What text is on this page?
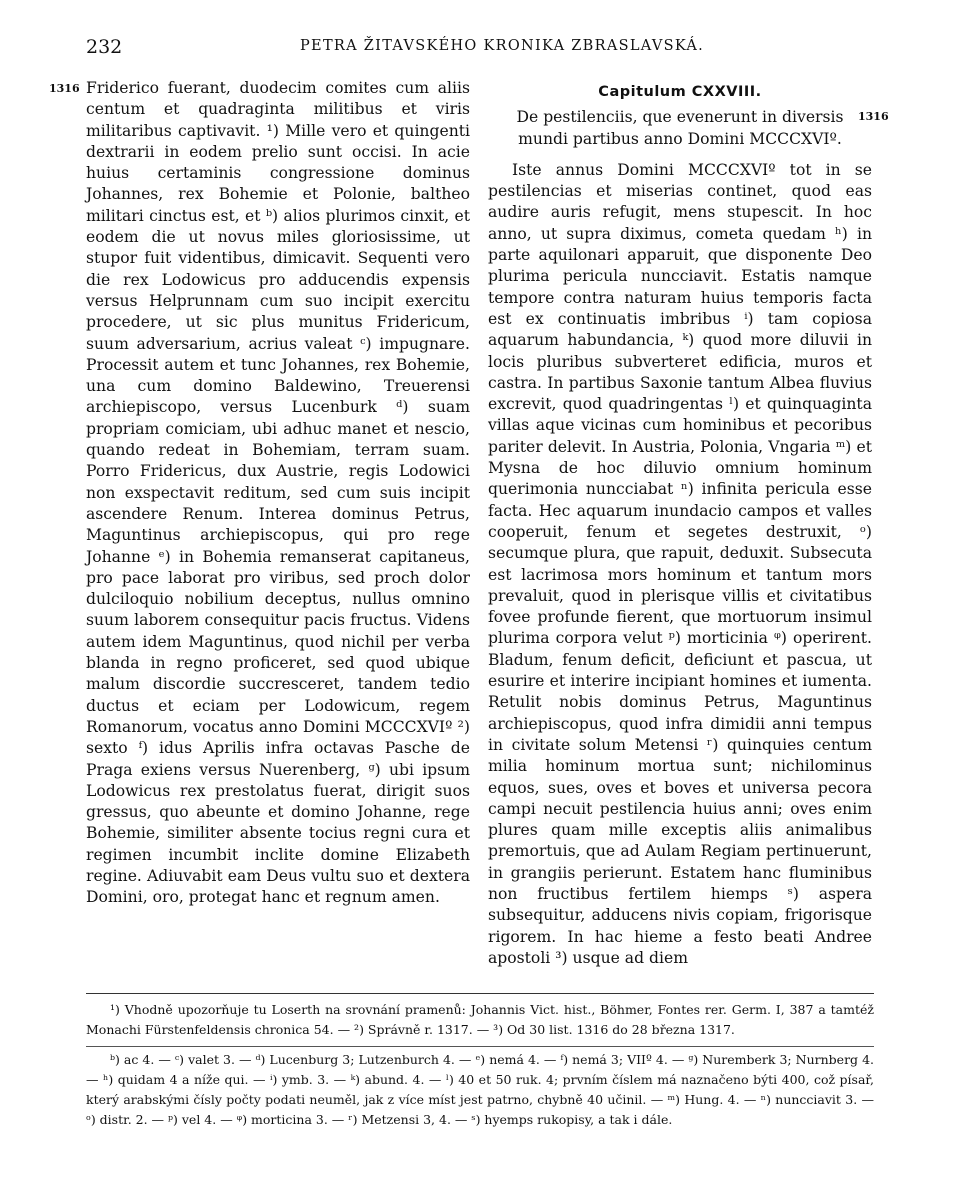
232	PETRA ŽITAVSKÉHO KRONIKA ZBRASLAVSKÁ.
1316
1316

Friderico fuerant, duodecim comites cum aliis centum et quadraginta militibus et viris militaribus captivavit. ¹) Mille vero et quingenti dextrarii in eodem prelio sunt occisi. In acie huius certaminis congressione dominus Johannes, rex Bohemie et Polonie, baltheo militari cinctus est, et ᵇ) alios plurimos cinxit, et eodem die ut novus miles gloriosissime, ut stupor fuit videntibus, dimicavit. Sequenti vero die rex Lodowicus pro adducendis expensis versus Helprunnam cum suo incipit exercitu procedere, ut sic plus munitus Fridericum, suum adversarium, acrius valeat ᶜ) impugnare. Processit autem et tunc Johannes, rex Bohemie, una cum domino Baldewino, Treuerensi archiepiscopo, versus Lucenburk ᵈ) suam propriam comiciam, ubi adhuc manet et nescio, quando redeat in Bohemiam, terram suam. Porro Fridericus, dux Austrie, regis Lodowici non exspectavit reditum, sed cum suis incipit ascendere Renum. Interea dominus Petrus, Maguntinus archiepiscopus, qui pro rege Johanne ᵉ) in Bohemia remanserat capitaneus, pro pace laborat pro viribus, sed proch dolor dulciloquio nobilium deceptus, nullus omnino suum laborem consequitur pacis fructus. Videns autem idem Maguntinus, quod nichil per verba blanda in regno proficeret, sed quod ubique malum discordie succresceret, tandem tedio ductus et eciam per Lodowicum, regem Romanorum, vocatus anno Domini MCCCXVIº ²) sexto ᶠ) idus Aprilis infra octavas Pasche de Praga exiens versus Nuerenberg, ᵍ) ubi ipsum Lodowicus rex prestolatus fuerat, dirigit suos gressus, quo abeunte et domino Johanne, rege Bohemie, similiter absente tocius regni cura et regimen incumbit inclite domine Elizabeth regine. Adiuvabit eam Deus vultu suo et dextera Domini, oro, protegat hanc et regnum amen.

Capitulum CXXVIII.
De pestilenciis, que evenerunt in diversis mundi partibus anno Domini MCCCXVIº.

Iste annus Domini MCCCXVIº tot in se pestilencias et miserias continet, quod eas audire auris refugit, mens stupescit. In hoc anno, ut supra diximus, cometa quedam ʰ) in parte aquilonari apparuit, que disponente Deo plurima pericula nuncciavit. Estatis namque tempore contra naturam huius temporis facta est ex continuatis imbribus ⁱ) tam copiosa aquarum habundancia, ᵏ) quod more diluvii in locis pluribus subverteret edificia, muros et castra. In partibus Saxonie tantum Albea fluvius excrevit, quod quadringentas ˡ) et quinquaginta villas aque vicinas cum hominibus et pecoribus pariter delevit. In Austria, Polonia, Vngaria ᵐ) et Mysna de hoc diluvio omnium hominum querimonia nuncciabat ⁿ) infinita pericula esse facta. Hec aquarum inundacio campos et valles cooperuit, fenum et segetes destruxit, ᵒ) secumque plura, que rapuit, deduxit. Subsecuta est lacrimosa mors hominum et tantum mors prevaluit, quod in plerisque villis et civitatibus fovee profunde fierent, que mortuorum insimul plurima corpora velut ᵖ) morticinia ᵠ) operirent. Bladum, fenum deficit, deficiunt et pascua, ut esurire et interire incipiant homines et iumenta. Retulit nobis dominus Petrus, Maguntinus archiepiscopus, quod infra dimidii anni tempus in civitate solum Metensi ʳ) quinquies centum milia hominum mortua sunt; nichilominus equos, sues, oves et boves et universa pecora campi necuit pestilencia huius anni; oves enim plures quam mille exceptis aliis animalibus premortuis, que ad Aulam Regiam pertinuerunt, in grangiis perierunt. Estatem hanc fluminibus non fructibus fertilem hiemps ˢ) aspera subsequitur, adducens nivis copiam, frigorisque rigorem. In hac hieme a festo beati Andree apostoli ³) usque ad diem

¹) Vhodně upozorňuje tu Loserth na srovnání pramenů: Johannis Vict. hist., Böhmer, Fontes rer. Germ. I, 387 a tamtéž Monachi Fürstenfeldensis chronica 54. — ²) Správně r. 1317. — ³) Od 30 list. 1316 do 28 března 1317.

ᵇ) ac 4. — ᶜ) valet 3. — ᵈ) Lucenburg 3; Lutzenburch 4. — ᵉ) nemá 4. — ᶠ) nemá 3; VIIº 4. — ᵍ) Nuremberk 3; Nurnberg 4. — ʰ) quidam 4 a níže qui. — ⁱ) ymb. 3. — ᵏ) abund. 4. — ˡ) 40 et 50 ruk. 4; prvním číslem má naznačeno býti 400, což písař, který arabskými čísly počty podati neuměl, jak z více míst jest patrno, chybně 40 učinil. — ᵐ) Hung. 4. — ⁿ) nuncciavit 3. — ᵒ) distr. 2. — ᵖ) vel 4. — ᵠ) morticina 3. — ʳ) Metzensi 3, 4. — ˢ) hyemps rukopisy, a tak i dále.
